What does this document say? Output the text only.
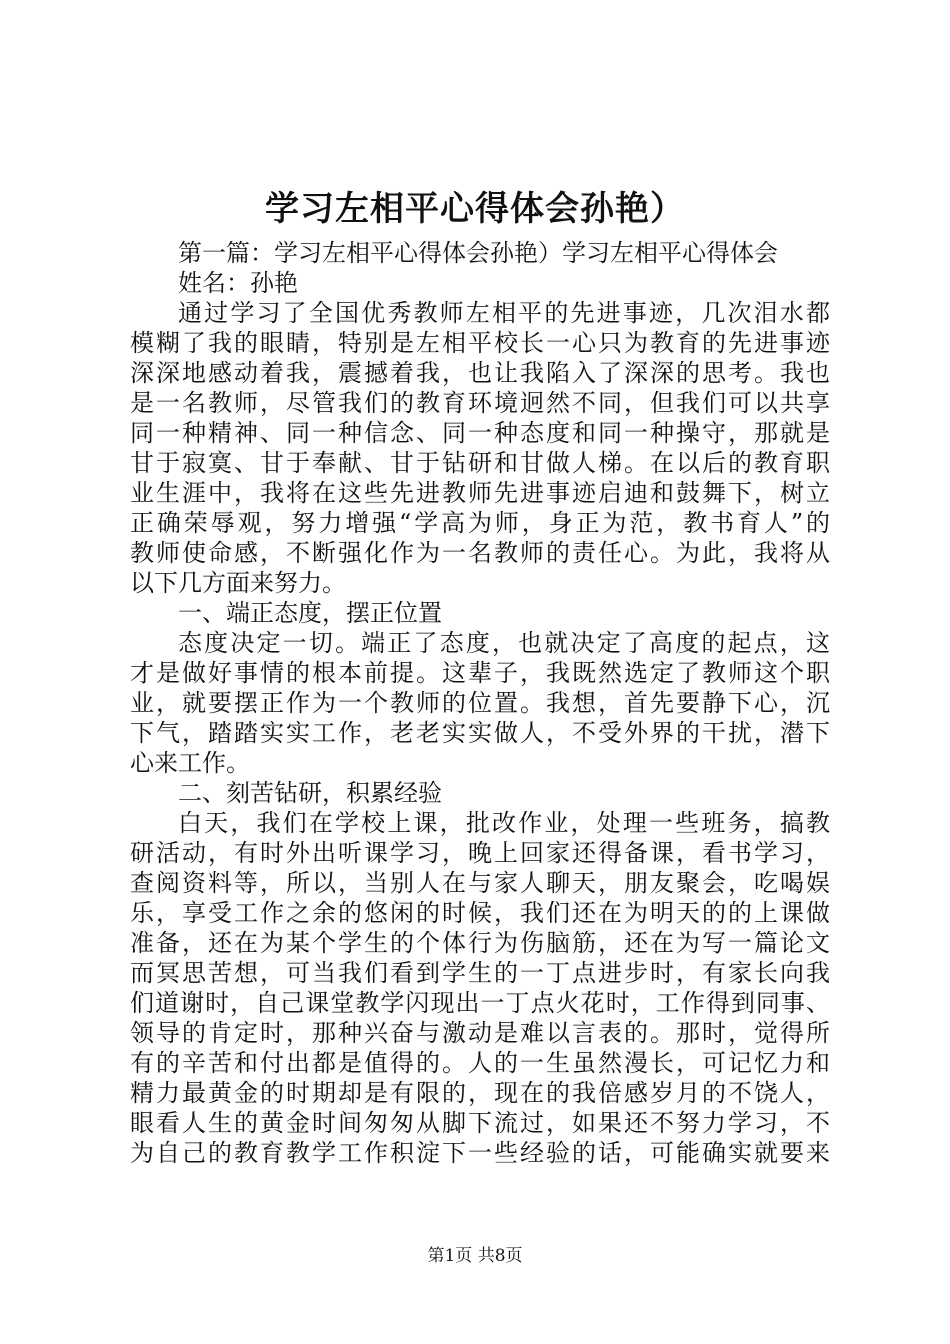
学习左相平心得体会孙艳）
第一篇：学习左相平心得体会孙艳）学习左相平心得体会
姓名：孙艳
通过学习了全国优秀教师左相平的先进事迹，几次泪水都
模糊了我的眼睛，特别是左相平校长一心只为教育的先进事迹
深深地感动着我，震撼着我，也让我陷入了深深的思考。我也
是一名教师，尽管我们的教育环境迥然不同，但我们可以共享
同一种精神、同一种信念、同一种态度和同一种操守，那就是
甘于寂寞、甘于奉献、甘于钻研和甘做人梯。在以后的教育职
业生涯中，我将在这些先进教师先进事迹启迪和鼓舞下，树立
正确荣辱观，努力增强“学高为师，身正为范，教书育人”的
教师使命感，不断强化作为一名教师的责任心。为此，我将从
以下几方面来努力。
一、端正态度，摆正位置
态度决定一切。端正了态度，也就决定了高度的起点，这
才是做好事情的根本前提。这辈子，我既然选定了教师这个职
业，就要摆正作为一个教师的位置。我想，首先要静下心，沉
下气，踏踏实实工作，老老实实做人，不受外界的干扰，潜下
心来工作。
二、刻苦钻研，积累经验
白天，我们在学校上课，批改作业，处理一些班务，搞教
研活动，有时外出听课学习，晚上回家还得备课，看书学习，
查阅资料等，所以，当别人在与家人聊天，朋友聚会，吃喝娱
乐，享受工作之余的悠闲的时候，我们还在为明天的的上课做
准备，还在为某个学生的个体行为伤脑筋，还在为写一篇论文
而冥思苦想，可当我们看到学生的一丁点进步时，有家长向我
们道谢时，自己课堂教学闪现出一丁点火花时，工作得到同事、
领导的肯定时，那种兴奋与激动是难以言表的。那时，觉得所
有的辛苦和付出都是值得的。人的一生虽然漫长，可记忆力和
精力最黄金的时期却是有限的，现在的我倍感岁月的不饶人，
眼看人生的黄金时间匆匆从脚下流过，如果还不努力学习，不
为自己的教育教学工作积淀下一些经验的话，可能确实就要来
第1页 共8页
